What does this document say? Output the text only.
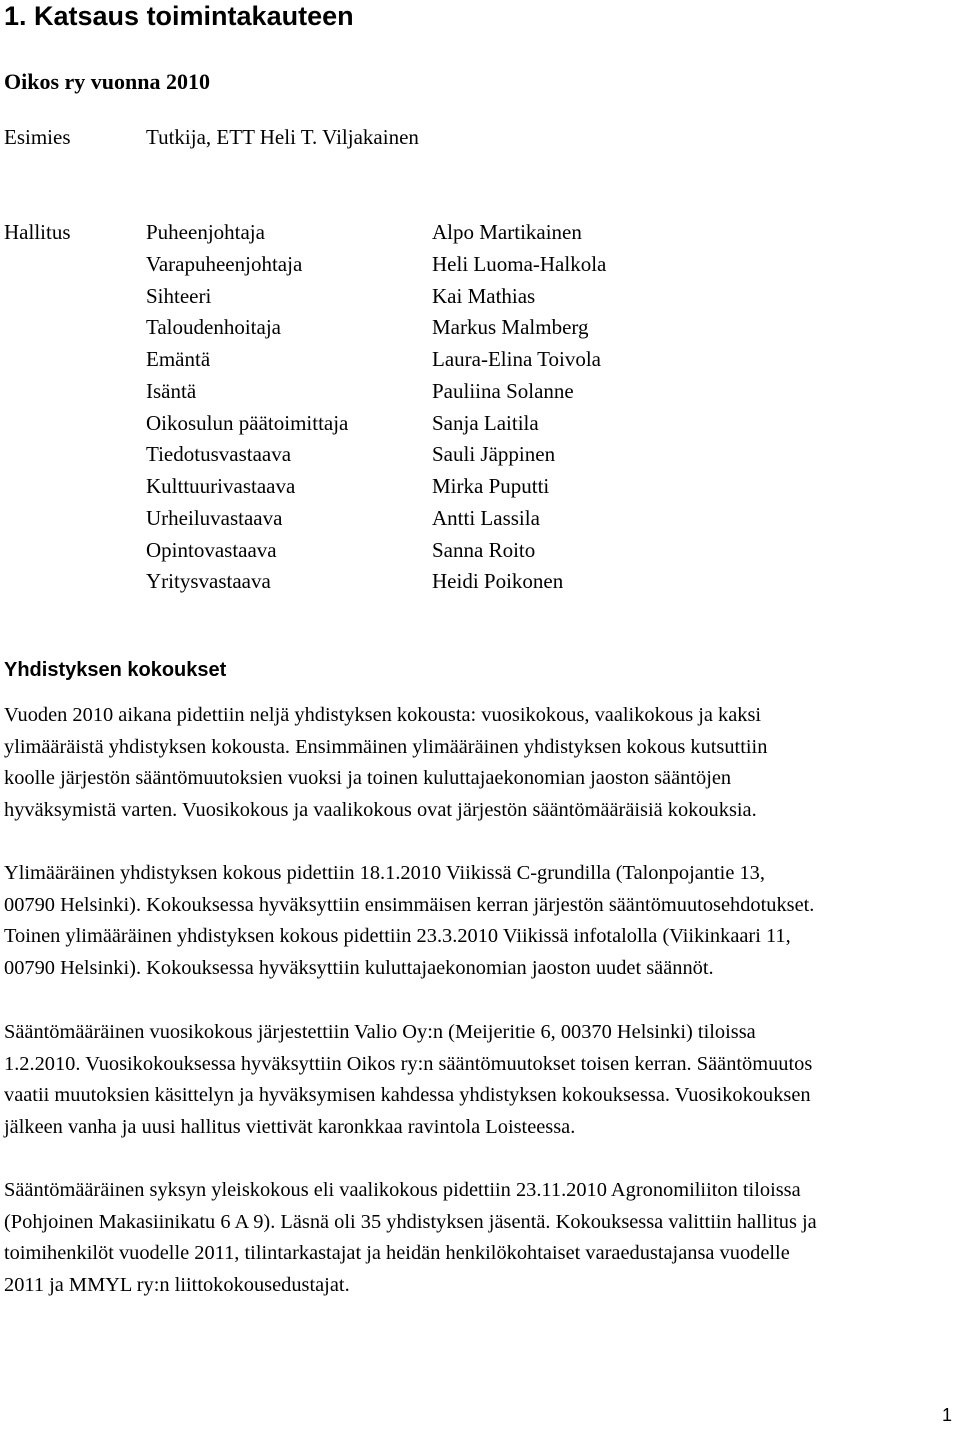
1. Katsaus toimintakauteen
Oikos ry vuonna 2010
Esimies	Tutkija, ETT Heli T. Viljakainen
Hallitus	Puheenjohtaja	Alpo Martikainen
Varapuheenjohtaja	Heli Luoma-Halkola
Sihteeri	Kai Mathias
Taloudenhoitaja	Markus Malmberg
Emäntä	Laura-Elina Toivola
Isäntä	Pauliina Solanne
Oikosulun päätoimittaja	Sanja Laitila
Tiedotusvastaava	Sauli Jäppinen
Kulttuurivastaava	Mirka Puputti
Urheiluvastaava	Antti Lassila
Opintovastaava	Sanna Roito
Yritysvastaava	Heidi Poikonen
Yhdistyksen kokoukset

Vuoden 2010 aikana pidettiin neljä yhdistyksen kokousta: vuosikokous, vaalikokous ja kaksi
ylimääräistä yhdistyksen kokousta. Ensimmäinen ylimääräinen yhdistyksen kokous kutsuttiin
koolle järjestön sääntömuutoksien vuoksi ja toinen kuluttajaekonomian jaoston sääntöjen
hyväksymistä varten. Vuosikokous ja vaalikokous ovat järjestön sääntömääräisiä kokouksia.

Ylimääräinen yhdistyksen kokous pidettiin 18.1.2010 Viikissä C-grundilla (Talonpojantie 13,
00790 Helsinki). Kokouksessa hyväksyttiin ensimmäisen kerran järjestön sääntömuutosehdotukset.
Toinen ylimääräinen yhdistyksen kokous pidettiin 23.3.2010 Viikissä infotalolla (Viikinkaari 11,
00790 Helsinki). Kokouksessa hyväksyttiin kuluttajaekonomian jaoston uudet säännöt.

Sääntömääräinen vuosikokous järjestettiin Valio Oy:n (Meijeritie 6, 00370 Helsinki) tiloissa
1.2.2010. Vuosikokouksessa hyväksyttiin Oikos ry:n sääntömuutokset toisen kerran. Sääntömuutos
vaatii muutoksien käsittelyn ja hyväksymisen kahdessa yhdistyksen kokouksessa. Vuosikokouksen
jälkeen vanha ja uusi hallitus viettivät karonkkaa ravintola Loisteessa.

Sääntömääräinen syksyn yleiskokous eli vaalikokous pidettiin 23.11.2010 Agronomiliiton tiloissa
(Pohjoinen Makasiinikatu 6 A 9). Läsnä oli 35 yhdistyksen jäsentä. Kokouksessa valittiin hallitus ja
toimihenkilöt vuodelle 2011, tilintarkastajat ja heidän henkilökohtaiset varaedustajansa vuodelle
2011 ja MMYL ry:n liittokokousedustajat.

1
